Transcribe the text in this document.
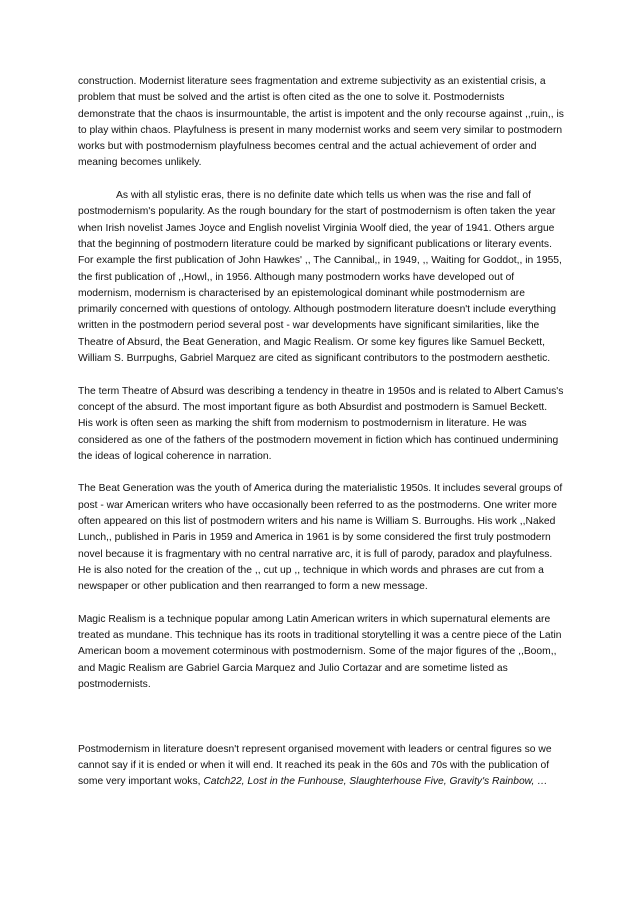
construction. Modernist literature sees fragmentation and extreme subjectivity as an existential crisis, a problem that must be solved and the artist is often cited as the one to solve it. Postmodernists demonstrate that the chaos is insurmountable, the artist is impotent and the only recourse against ,,ruin,, is to play within chaos. Playfulness is present in many modernist works and seem very similar to postmodern works but with postmodernism playfulness becomes central and the actual achievement of order and meaning becomes unlikely.

As with all stylistic eras, there is no definite date which tells us when was the rise and fall of postmodernism's popularity. As the rough boundary for the start of postmodernism is often taken the year when Irish novelist James Joyce and English novelist Virginia Woolf died, the year of 1941. Others argue that the beginning of postmodern literature could be marked by significant publications or literary events. For example the first publication of John Hawkes' ,, The Cannibal,, in 1949, ,, Waiting for Goddot,, in 1955, the first publication of ,,Howl,, in 1956. Although many postmodern works have developed out of modernism, modernism is characterised by an epistemological dominant while postmodernism are primarily concerned with questions of ontology. Although postmodern literature doesn't include everything written in the postmodern period several post - war developments have significant similarities, like the Theatre of Absurd, the Beat Generation, and Magic Realism. Or some key figures like Samuel Beckett, William S. Burrpughs, Gabriel Marquez are cited as significant contributors to the postmodern aesthetic.

The term Theatre of Absurd was describing a tendency in theatre in 1950s and is related to Albert Camus's concept of the absurd. The most important figure as both Absurdist and postmodern is Samuel Beckett. His work is often seen as marking the shift from modernism to postmodernism in literature. He was considered as one of the fathers of the postmodern movement in fiction which has continued undermining the ideas of logical coherence in narration.

The Beat Generation was the youth of America during the materialistic 1950s. It includes several groups of post - war American writers who have occasionally been referred to as the postmoderns. One writer more often appeared on this list of postmodern writers and his name is William S. Burroughs. His work ,,Naked Lunch,, published in Paris in 1959 and America in 1961 is by some considered the first truly postmodern novel because it is fragmentary with no central narrative arc, it is full of parody, paradox and playfulness. He is also noted for the creation of the ,, cut up ,, technique in which words and phrases are cut from a newspaper or other publication and then rearranged to form a new message.

Magic Realism is a technique popular among Latin American writers in which supernatural elements are treated as mundane. This technique has its roots in traditional storytelling it was a centre piece of the Latin American boom a movement coterminous with postmodernism. Some of the major figures of the ,,Boom,, and Magic Realism are Gabriel Garcia Marquez and Julio Cortazar and are sometime listed as postmodernists.

Postmodernism in literature doesn't represent organised movement with leaders or central figures so we cannot say if it is ended or when it will end. It reached its peak in the 60s and 70s with the publication of some very important woks, Catch22, Lost in the Funhouse, Slaughterhouse Five, Gravity's Rainbow, …
